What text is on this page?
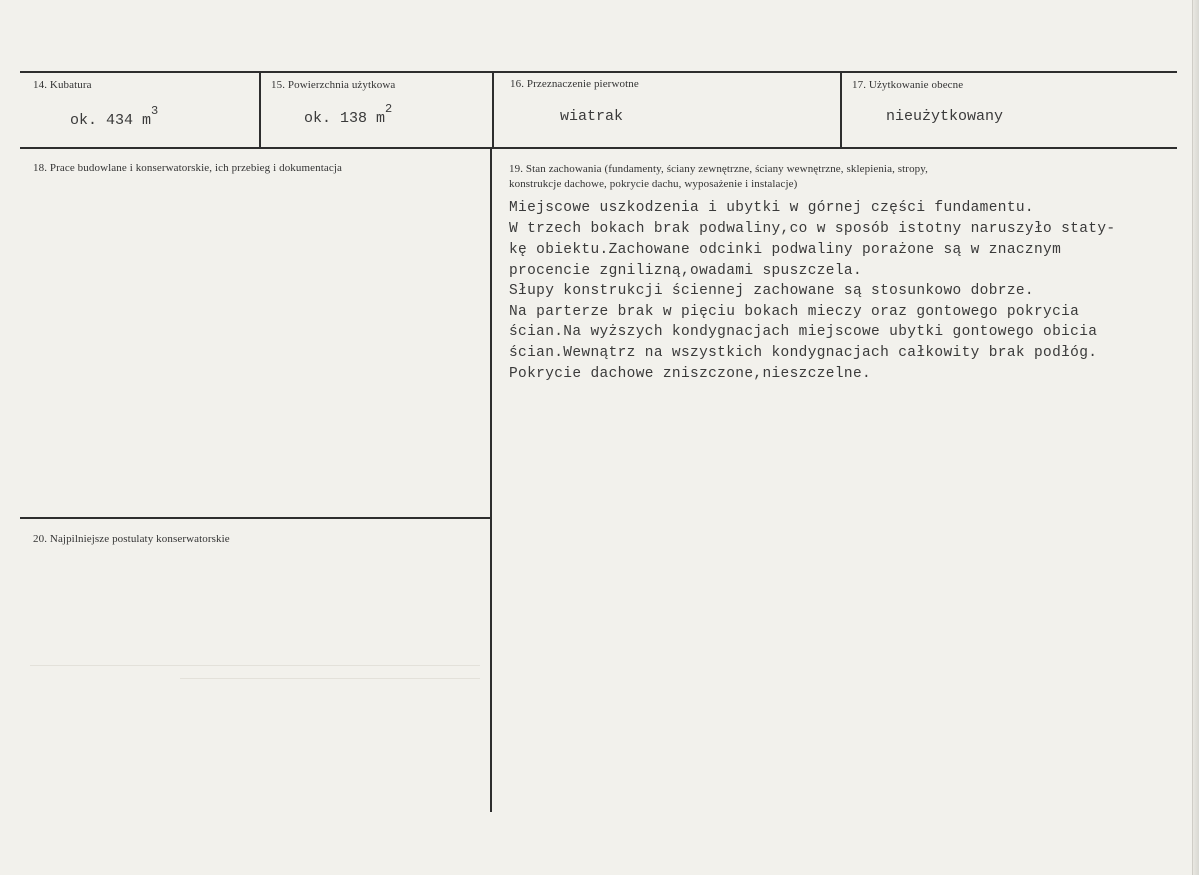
14. Kubatura
ok. 434 $m^3$
15. Powierzchnia użytkowa
ok. 138 $m^2$
16. Przeznaczenie pierwotne
wiatrak
17. Użytkowanie obecne
nieużytkowany
18. Prace budowlane i konserwatorskie, ich przebieg i dokumentacja	19. Stan zachowania (fundamenty, ściany zewnętrzne, ściany wewnętrzne, sklepienia, stropy,
konstrukcje dachowe, pokrycie dachu, wyposażenie i instalacje)
Miejscowe uszkodzenia i ubytki w górnej części fundamentu.
W trzech bokach brak podwaliny,co w sposób istotny naruszyło staty-
kę obiektu.Zachowane odcinki podwaliny porażone są w znacznym
procencie zgnilizną,owadami spuszczela.
Słupy konstrukcji ściennej zachowane są stosunkowo dobrze.
Na parterze brak w pięciu bokach mieczy oraz gontowego pokrycia
ścian.Na wyższych kondygnacjach miejscowe ubytki gontowego obicia
ścian.Wewnątrz na wszystkich kondygnacjach całkowity brak podłóg.
Pokrycie dachowe zniszczone,nieszczelne.
20. Najpilniejsze postulaty konserwatorskie
